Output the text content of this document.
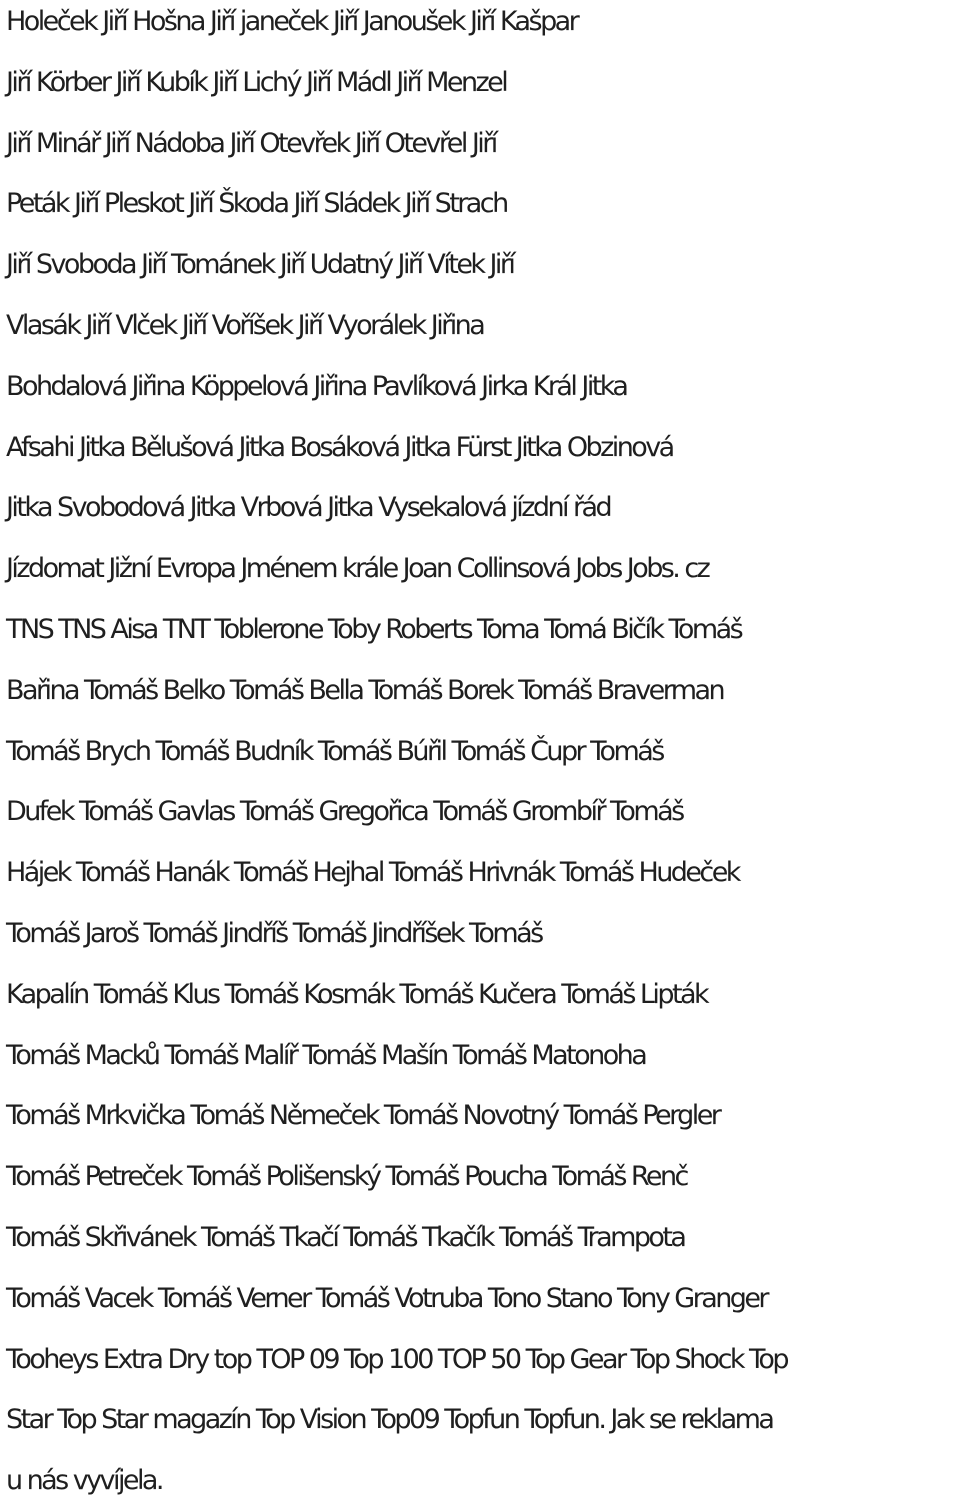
Holeček Jiří Hošna Jiří janeček Jiří Janoušek Jiří Kašpar
Jiří Körber Jiří Kubík Jiří Lichý Jiří Mádl Jiří Menzel
Jiří Minář Jiří Nádoba Jiří Otevřek Jiří Otevřel Jiří
Peták Jiří Pleskot Jiří Škoda Jiří Sládek Jiří Strach
Jiří Svoboda Jiří Tománek Jiří Udatný Jiří Vítek Jiří
Vlasák Jiří Vlček Jiří Voříšek Jiří Vyorálek Jiřina
Bohdalová Jiřina Köppelová Jiřina Pavlíková Jirka Král Jitka
Afsahi Jitka Bělušová Jitka Bosáková Jitka Fürst Jitka Obzinová
Jitka Svobodová Jitka Vrbová Jitka Vysekalová jízdní řád
Jízdomat Jižní Evropa Jménem krále Joan Collinsová Jobs Jobs. cz
TNS TNS Aisa TNT Toblerone Toby Roberts Toma Tomá Bičík Tomáš
Bařina Tomáš Belko Tomáš Bella Tomáš Borek Tomáš Braverman
Tomáš Brych Tomáš Budník Tomáš Búřil Tomáš Čupr Tomáš
Dufek Tomáš Gavlas Tomáš Gregořica Tomáš Grombíř Tomáš
Hájek Tomáš Hanák Tomáš Hejhal Tomáš Hrivnák Tomáš Hudeček
Tomáš Jaroš Tomáš Jindříš Tomáš Jindříšek Tomáš
Kapalín Tomáš Klus Tomáš Kosmák Tomáš Kučera Tomáš Lipták
Tomáš Macků Tomáš Malíř Tomáš Mašín Tomáš Matonoha
Tomáš Mrkvička Tomáš Němeček Tomáš Novotný Tomáš Pergler
Tomáš Petreček Tomáš Polišenský Tomáš Poucha Tomáš Renč
Tomáš Skřivánek Tomáš Tkačí Tomáš Tkačík Tomáš Trampota
Tomáš Vacek Tomáš Verner Tomáš Votruba Tono Stano Tony Granger
Tooheys Extra Dry top TOP 09 Top 100 TOP 50 Top Gear Top Shock Top
Star Top Star magazín Top Vision Top09 Topfun Topfun. Jak se reklama
u nás vyvíjela.
